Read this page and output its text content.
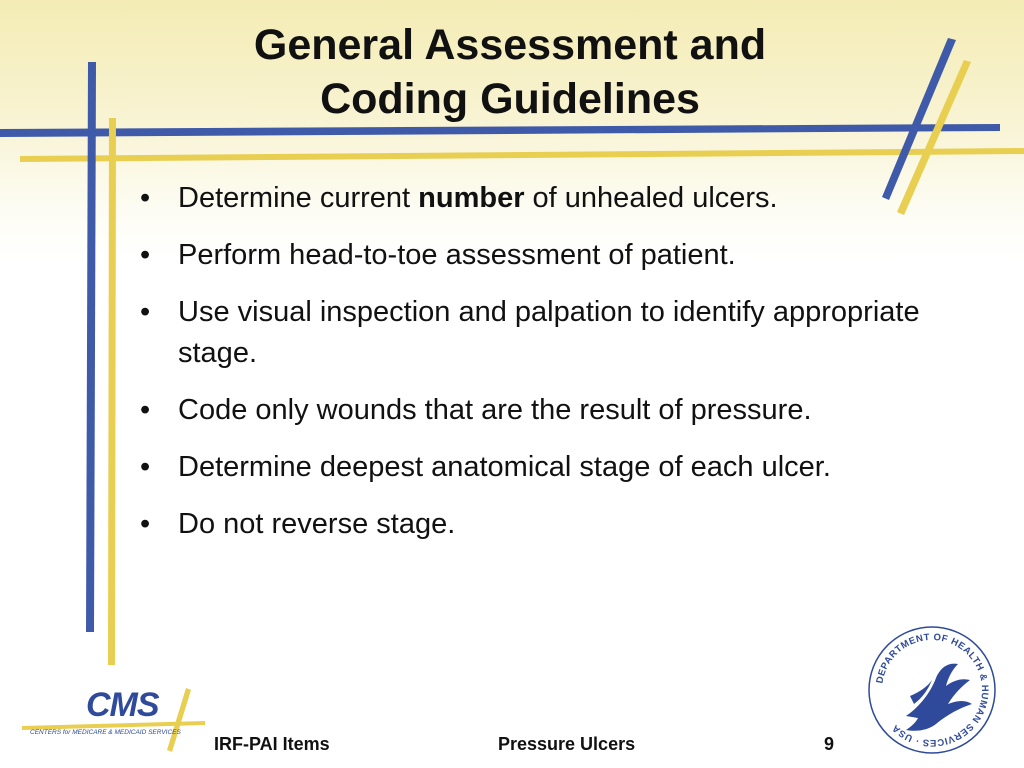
General Assessment and
Coding Guidelines
• Determine current number of unhealed ulcers.
• Perform head-to-toe assessment of patient.
• Use visual inspection and palpation to identify appropriate stage.
• Code only wounds that are the result of pressure.
• Determine deepest anatomical stage of each ulcer.
• Do not reverse stage.
CMS
CENTERS for MEDICARE & MEDICAID SERVICES
DEPARTMENT OF HEALTH & HUMAN SERVICES · USA
IRF-PAI Items	Pressure Ulcers	9
